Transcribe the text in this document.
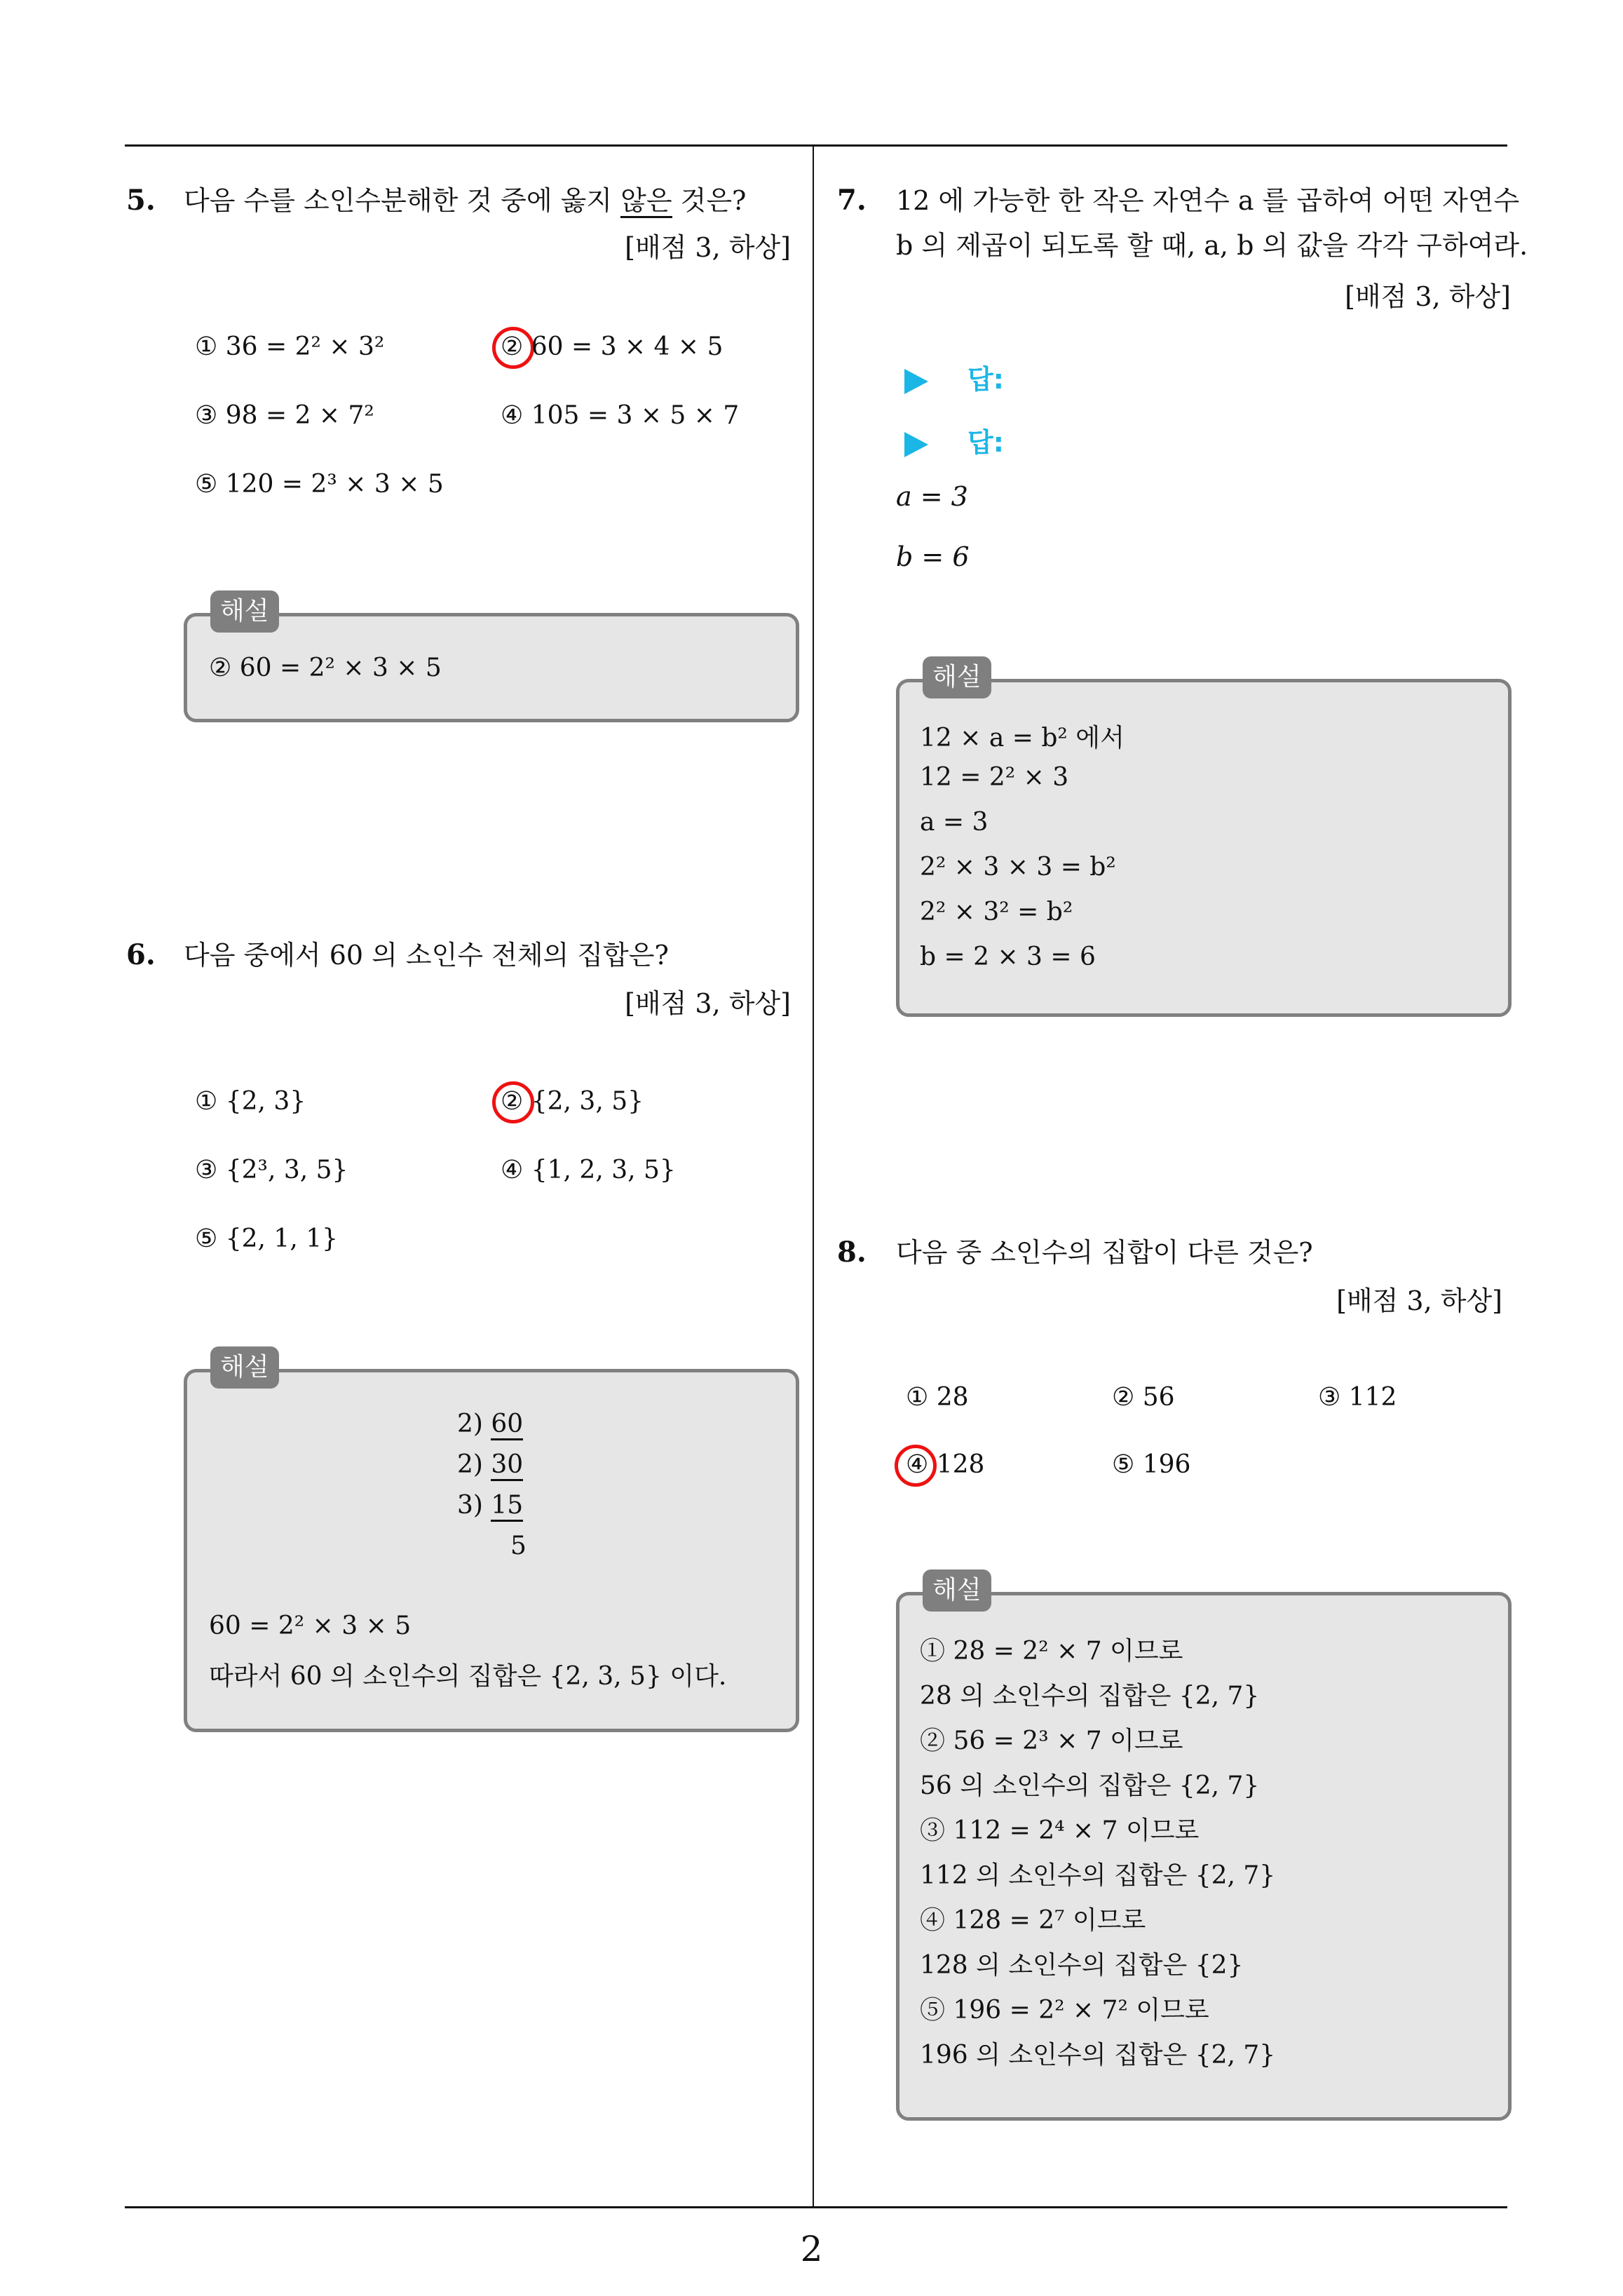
5. 다음 수를 소인수분해한 것 중에 옳지 않은 것은?
[배점 3, 하상]
① 36 = 2² × 3²	② 60 = 3 × 4 × 5
③ 98 = 2 × 7²	④ 105 = 3 × 5 × 7
⑤ 120 = 2³ × 3 × 5
해설
② 60 = 2² × 3 × 5
6. 다음 중에서 60 의 소인수 전체의 집합은?
[배점 3, 하상]
① {2, 3}	② {2, 3, 5}
③ {2³, 3, 5}	④ {1, 2, 3, 5}
⑤ {2, 1, 1}
해설
2) 60
2) 30
3) 15
5
60 = 2² × 3 × 5
따라서 60 의 소인수의 집합은 {2, 3, 5} 이다.
7. 12 에 가능한 한 작은 자연수 a 를 곱하여 어떤 자연수
b 의 제곱이 되도록 할 때, a, b 의 값을 각각 구하여라.
[배점 3, 하상]
답:
답:
a = 3
b = 6
해설
12 × a = b² 에서
12 = 2² × 3
a = 3
2² × 3 × 3 = b²
2² × 3² = b²
b = 2 × 3 = 6
8. 다음 중 소인수의 집합이 다른 것은?
[배점 3, 하상]
① 28	② 56	③ 112
④ 128	⑤ 196
해설
① 28 = 2² × 7 이므로
28 의 소인수의 집합은 {2, 7}
② 56 = 2³ × 7 이므로
56 의 소인수의 집합은 {2, 7}
③ 112 = 2⁴ × 7 이므로
112 의 소인수의 집합은 {2, 7}
④ 128 = 2⁷ 이므로
128 의 소인수의 집합은 {2}
⑤ 196 = 2² × 7² 이므로
196 의 소인수의 집합은 {2, 7}
2
